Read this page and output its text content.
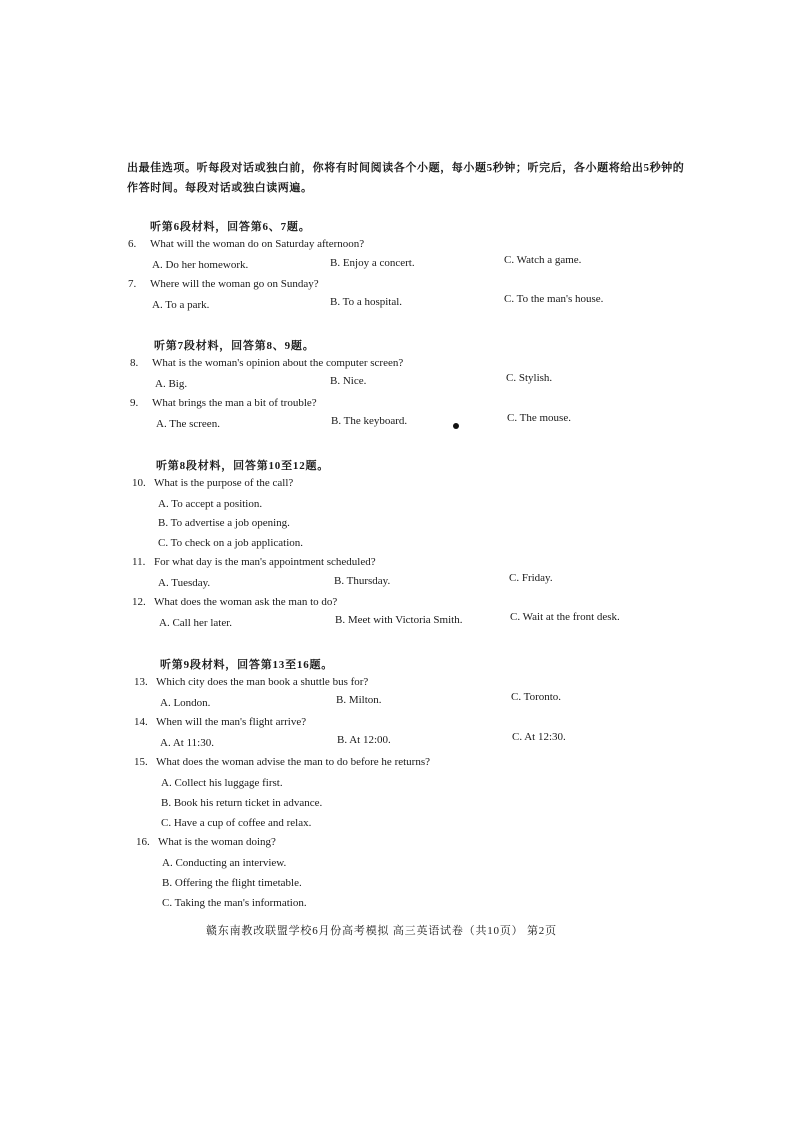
出最佳选项。听每段对话或独白前，你将有时间阅读各个小题，每小题5秒钟；听完后，各小题将给出5秒钟的作答时间。每段对话或独白读两遍。
听第6段材料，回答第6、7题。
6. What will the woman do on Saturday afternoon?
A. Do her homework.	B. Enjoy a concert.	C. Watch a game.
7. Where will the woman go on Sunday?
A. To a park.	B. To a hospital.	C. To the man's house.
听第7段材料，回答第8、9题。
8. What is the woman's opinion about the computer screen?
A. Big.	B. Nice.	C. Stylish.
9. What brings the man a bit of trouble?
A. The screen.	B. The keyboard.	C. The mouse.
听第8段材料，回答第10至12题。
10. What is the purpose of the call?
A. To accept a position.
B. To advertise a job opening.
C. To check on a job application.
11. For what day is the man's appointment scheduled?
A. Tuesday.	B. Thursday.	C. Friday.
12. What does the woman ask the man to do?
A. Call her later.	B. Meet with Victoria Smith.	C. Wait at the front desk.
听第9段材料，回答第13至16题。
13. Which city does the man book a shuttle bus for?
A. London.	B. Milton.	C. Toronto.
14. When will the man's flight arrive?
A. At 11:30.	B. At 12:00.	C. At 12:30.
15. What does the woman advise the man to do before he returns?
A. Collect his luggage first.
B. Book his return ticket in advance.
C. Have a cup of coffee and relax.
16. What is the woman doing?
A. Conducting an interview.
B. Offering the flight timetable.
C. Taking the man's information.
赣东南教改联盟学校6月份高考模拟 高三英语试卷（共10页） 第2页
